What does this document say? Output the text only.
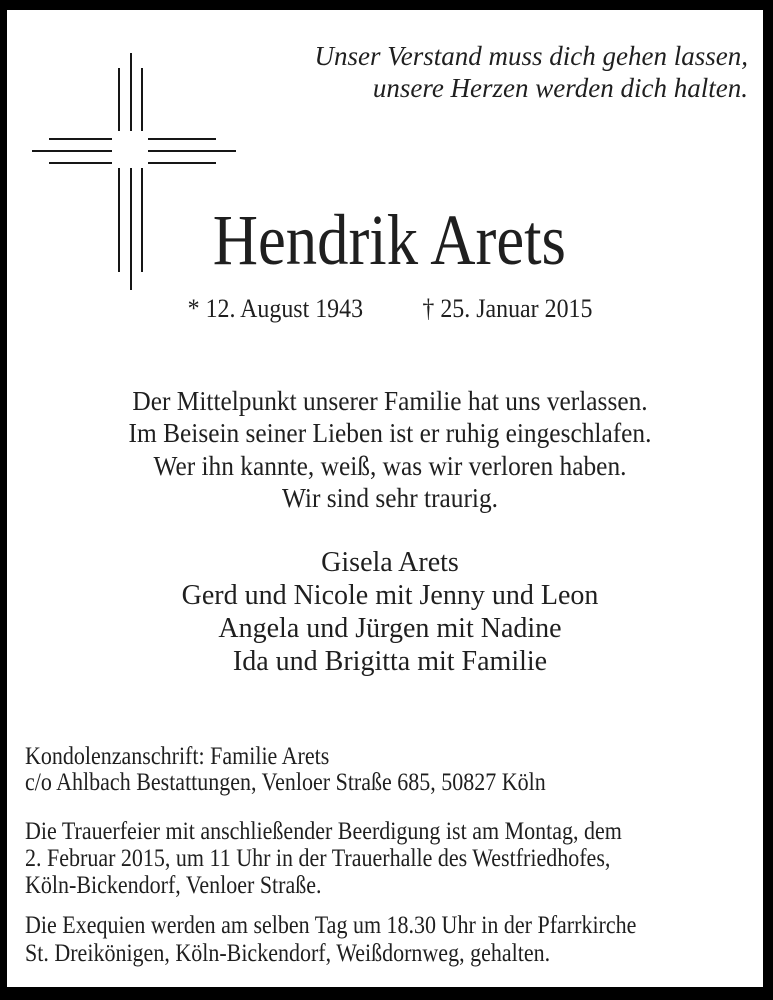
Unser Verstand muss dich gehen lassen,
unsere Herzen werden dich halten.
Hendrik Arets
* 12. August 1943 † 25. Januar 2015
Der Mittelpunkt unserer Familie hat uns verlassen.
Im Beisein seiner Lieben ist er ruhig eingeschlafen.
Wer ihn kannte, weiß, was wir verloren haben.
Wir sind sehr traurig.
Gisela Arets
Gerd und Nicole mit Jenny und Leon
Angela und Jürgen mit Nadine
Ida und Brigitta mit Familie
Kondolenzanschrift: Familie Arets
c/o Ahlbach Bestattungen, Venloer Straße 685, 50827 Köln
Die Trauerfeier mit anschließender Beerdigung ist am Montag, dem
2. Februar 2015, um 11 Uhr in der Trauerhalle des Westfriedhofes,
Köln-Bickendorf, Venloer Straße.
Die Exequien werden am selben Tag um 18.30 Uhr in der Pfarrkirche
St. Dreikönigen, Köln-Bickendorf, Weißdornweg, gehalten.
